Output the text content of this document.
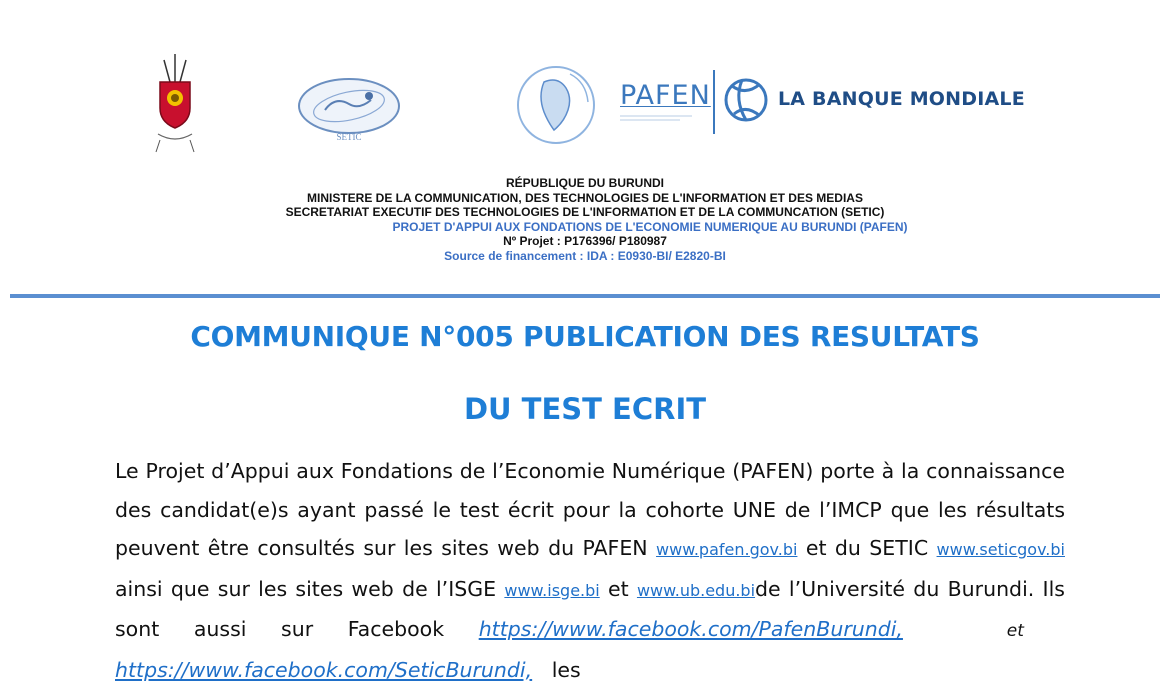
SETIC
PAFEN	LA BANQUE MONDIALE
RÉPUBLIQUE DU BURUNDI
MINISTERE DE LA COMMUNICATION, DES TECHNOLOGIES DE L'INFORMATION ET DES MEDIAS
SECRETARIAT EXECUTIF DES TECHNOLOGIES DE L'INFORMATION ET DE LA COMMUNCATION (SETIC)
PROJET D'APPUI AUX FONDATIONS DE L'ECONOMIE NUMERIQUE AU BURUNDI (PAFEN)
Nº Projet : P176396/ P180987
Source de financement : IDA : E0930-BI/ E2820-BI
COMMUNIQUE N°005 PUBLICATION DES RESULTATS
DU TEST ECRIT
Le Projet d’Appui aux Fondations de l’Economie Numérique (PAFEN) porte à la connaissance des candidat(e)s ayant passé le test écrit pour la cohorte UNE de l’IMCP que les résultats peuvent être consultés sur les sites web du PAFEN www.pafen.gov.bi et du SETIC www.seticgov.bi ainsi que sur les sites web de l’ISGE www.isge.bi et www.ub.edu.bide l’Université du Burundi. Ils sont aussi sur Facebook https://www.facebook.com/PafenBurundi,	et   https://www.facebook.com/SeticBurundi, les
